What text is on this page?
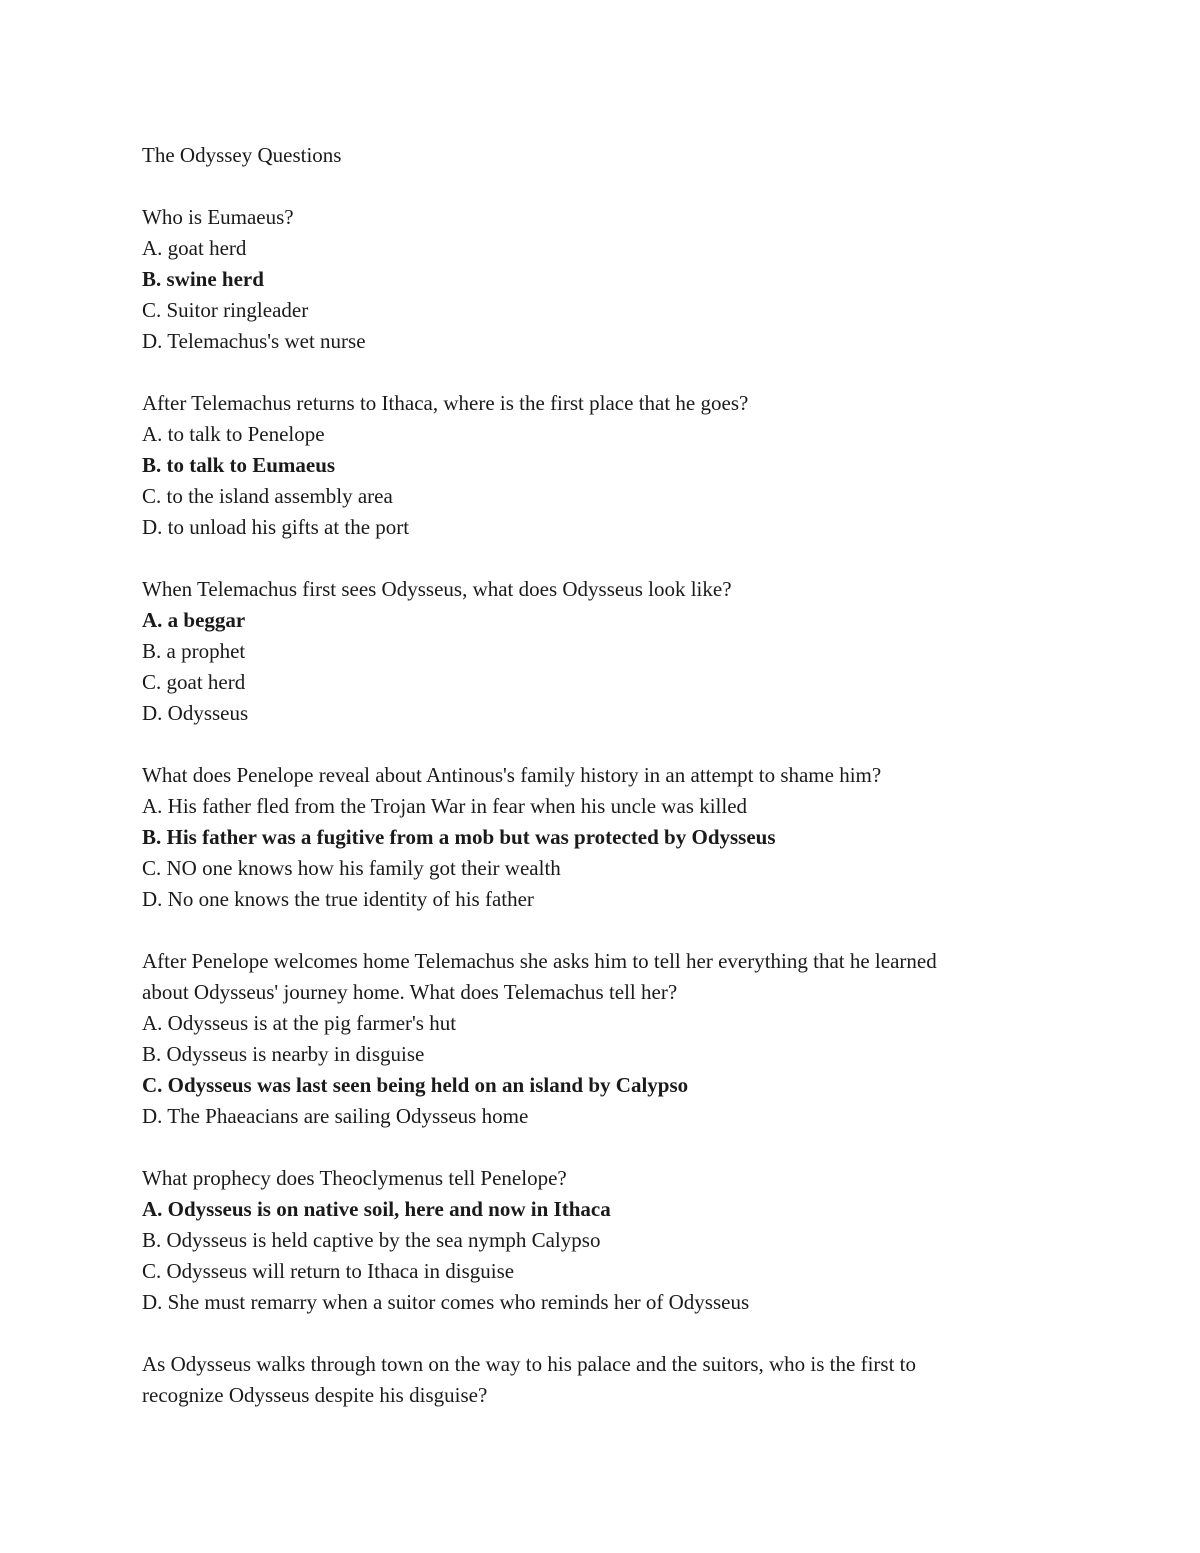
The Odyssey Questions

Who is Eumaeus?

A. goat herd

B. swine herd

C. Suitor ringleader

D. Telemachus's wet nurse

After Telemachus returns to Ithaca, where is the first place that he goes?

A. to talk to Penelope

B. to talk to Eumaeus

C. to the island assembly area

D. to unload his gifts at the port

When Telemachus first sees Odysseus, what does Odysseus look like?

A. a beggar

B. a prophet

C. goat herd

D. Odysseus

What does Penelope reveal about Antinous's family history in an attempt to shame him?

A. His father fled from the Trojan War in fear when his uncle was killed

B. His father was a fugitive from a mob but was protected by Odysseus

C. NO one knows how his family got their wealth

D. No one knows the true identity of his father

After Penelope welcomes home Telemachus she asks him to tell her everything that he learned

about Odysseus' journey home. What does Telemachus tell her?

A. Odysseus is at the pig farmer's hut

B. Odysseus is nearby in disguise

C. Odysseus was last seen being held on an island by Calypso

D. The Phaeacians are sailing Odysseus home

What prophecy does Theoclymenus tell Penelope?

A. Odysseus is on native soil, here and now in Ithaca

B. Odysseus is held captive by the sea nymph Calypso

C. Odysseus will return to Ithaca in disguise

D. She must remarry when a suitor comes who reminds her of Odysseus

As Odysseus walks through town on the way to his palace and the suitors, who is the first to

recognize Odysseus despite his disguise?
